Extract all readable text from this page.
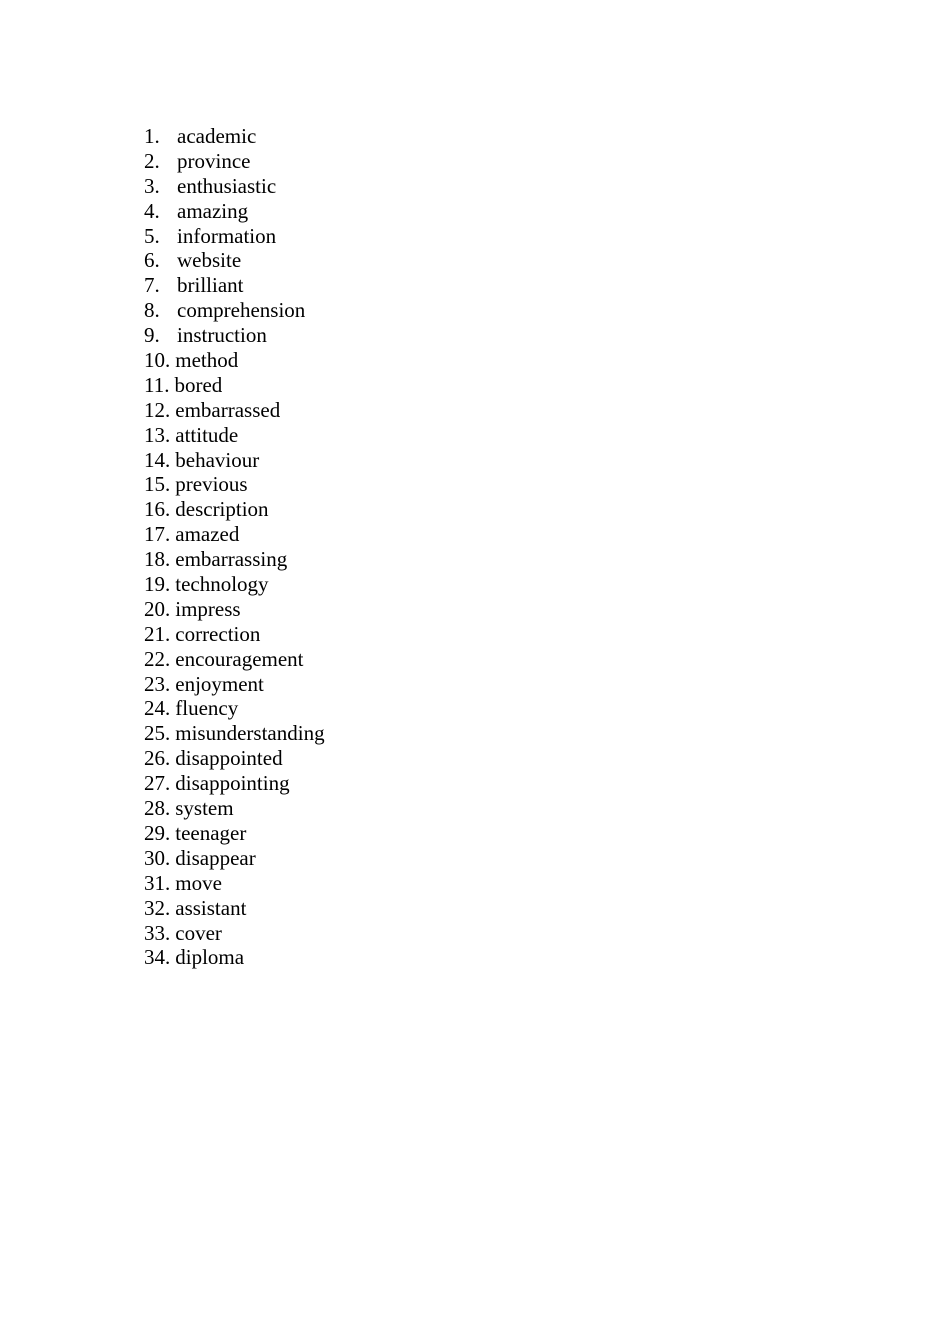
1. academic
2. province
3. enthusiastic
4. amazing
5. information
6. website
7. brilliant
8. comprehension
9. instruction
10. method
11. bored
12. embarrassed
13. attitude
14. behaviour
15. previous
16. description
17. amazed
18. embarrassing
19. technology
20. impress
21. correction
22. encouragement
23. enjoyment
24. fluency
25. misunderstanding
26. disappointed
27. disappointing
28. system
29. teenager
30. disappear
31. move
32. assistant
33. cover
34. diploma
